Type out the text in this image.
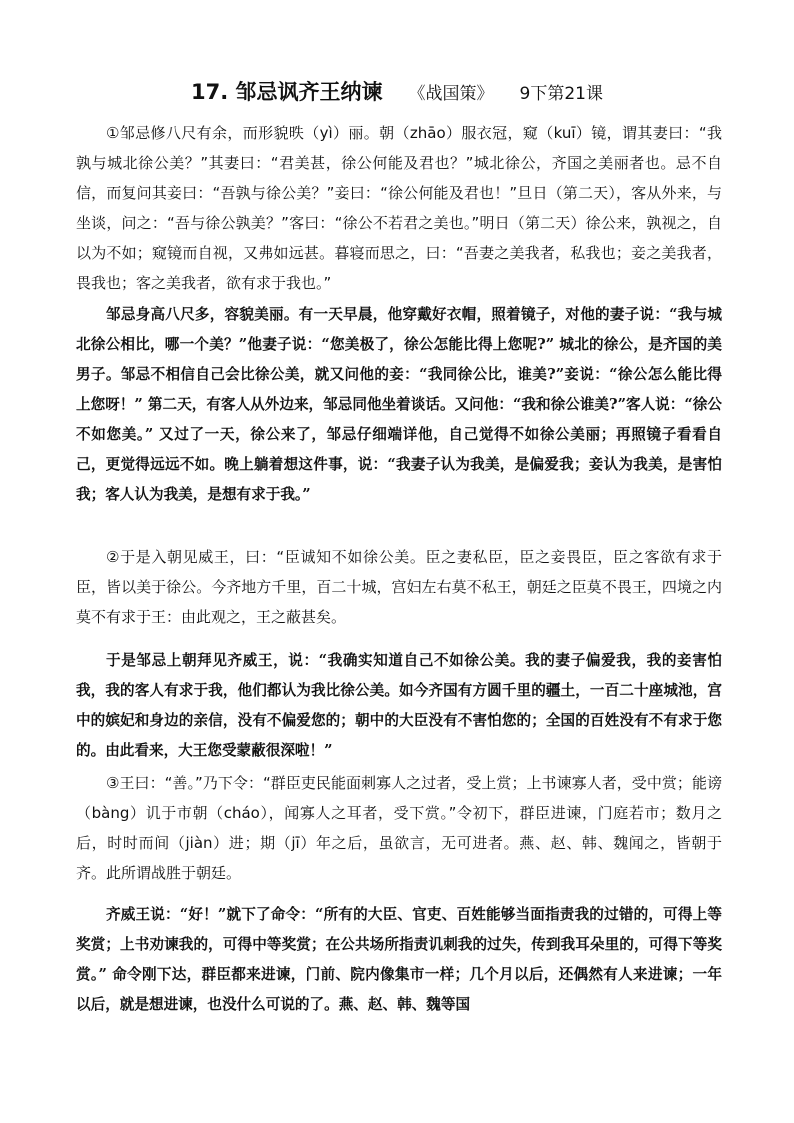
17. 邹忌讽齐王纳谏 《战国策》 9下第21课

①邹忌修八尺有余，而形貌昳（yì）丽。朝（zhāo）服衣冠，窥（kuī）镜，谓其妻曰：“我孰与城北徐公美？”其妻曰：“君美甚，徐公何能及君也？”城北徐公，齐国之美丽者也。忌不自信，而复问其妾曰：“吾孰与徐公美？”妾曰：“徐公何能及君也！”旦日（第二天），客从外来，与坐谈，问之：“吾与徐公孰美？”客曰：“徐公不若君之美也。”明日（第二天）徐公来，孰视之，自以为不如；窥镜而自视，又弗如远甚。暮寝而思之，曰：“吾妻之美我者，私我也；妾之美我者，畏我也；客之美我者，欲有求于我也。”

邹忌身高八尺多，容貌美丽。有一天早晨，他穿戴好衣帽，照着镜子，对他的妻子说：“我与城北徐公相比，哪一个美？”他妻子说：“您美极了，徐公怎能比得上您呢?” 城北的徐公，是齐国的美男子。邹忌不相信自己会比徐公美，就又问他的妾：“我同徐公比，谁美?”妾说：“徐公怎么能比得上您呀！” 第二天，有客人从外边来，邹忌同他坐着谈话。又问他：“我和徐公谁美?”客人说：“徐公不如您美。” 又过了一天，徐公来了，邹忌仔细端详他，自己觉得不如徐公美丽；再照镜子看看自己，更觉得远远不如。晚上躺着想这件事，说：“我妻子认为我美，是偏爱我；妾认为我美，是害怕我；客人认为我美，是想有求于我。”

②于是入朝见威王，曰：“臣诚知不如徐公美。臣之妻私臣，臣之妾畏臣，臣之客欲有求于臣，皆以美于徐公。今齐地方千里，百二十城，宫妇左右莫不私王，朝廷之臣莫不畏王，四境之内莫不有求于王：由此观之，王之蔽甚矣。

于是邹忌上朝拜见齐威王，说：“我确实知道自己不如徐公美。我的妻子偏爱我，我的妾害怕我，我的客人有求于我，他们都认为我比徐公美。如今齐国有方圆千里的疆土，一百二十座城池，宫中的嫔妃和身边的亲信，没有不偏爱您的；朝中的大臣没有不害怕您的；全国的百姓没有不有求于您的。由此看来，大王您受蒙蔽很深啦！”

③王曰：“善。”乃下令：“群臣吏民能面刺寡人之过者，受上赏；上书谏寡人者，受中赏；能谤（bàng）讥于市朝（cháo），闻寡人之耳者，受下赏。”令初下，群臣进谏，门庭若市；数月之后，时时而间（jiàn）进；期（jī）年之后，虽欲言，无可进者。燕、赵、韩、魏闻之，皆朝于齐。此所谓战胜于朝廷。

齐威王说：“好！”就下了命令：“所有的大臣、官吏、百姓能够当面指责我的过错的，可得上等奖赏；上书劝谏我的，可得中等奖赏；在公共场所指责讥刺我的过失，传到我耳朵里的，可得下等奖赏。” 命令刚下达，群臣都来进谏，门前、院内像集市一样；几个月以后，还偶然有人来进谏；一年以后，就是想进谏，也没什么可说的了。燕、赵、韩、魏等国
